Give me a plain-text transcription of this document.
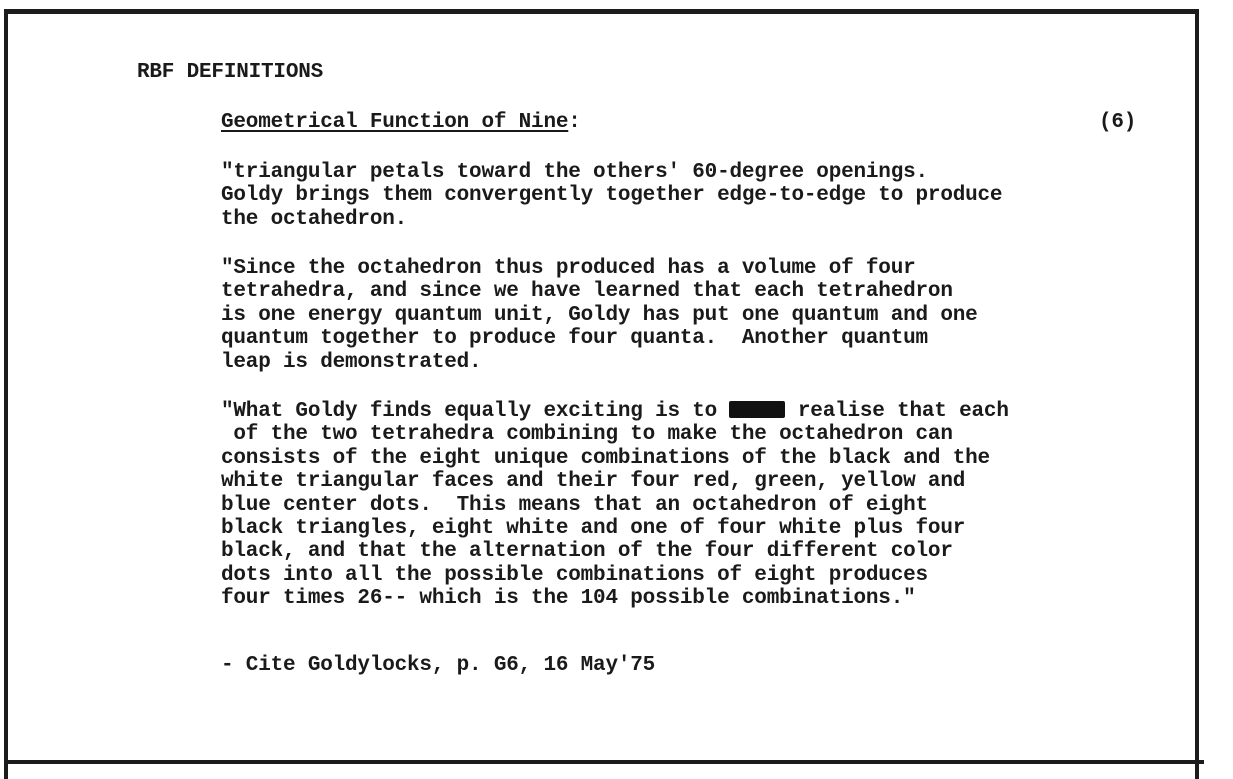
RBF DEFINITIONS

Geometrical Function of Nine:	(6)

"triangular petals toward the others' 60-degree openings.
Goldy brings them convergently together edge-to-edge to produce
the octahedron.

"Since the octahedron thus produced has a volume of four
tetrahedra, and since we have learned that each tetrahedron
is one energy quantum unit, Goldy has put one quantum and one
quantum together to produce four quanta.  Another quantum
leap is demonstrated.

"What Goldy finds equally exciting is to	realise that each
of the two tetrahedra combining to make the octahedron can
consists of the eight unique combinations of the black and the
white triangular faces and their four red, green, yellow and
blue center dots.  This means that an octahedron of eight
black triangles, eight white and one of four white plus four
black, and that the alternation of the four different color
dots into all the possible combinations of eight produces
four times 26-- which is the 104 possible combinations."

- Cite Goldylocks, p. G6, 16 May'75
